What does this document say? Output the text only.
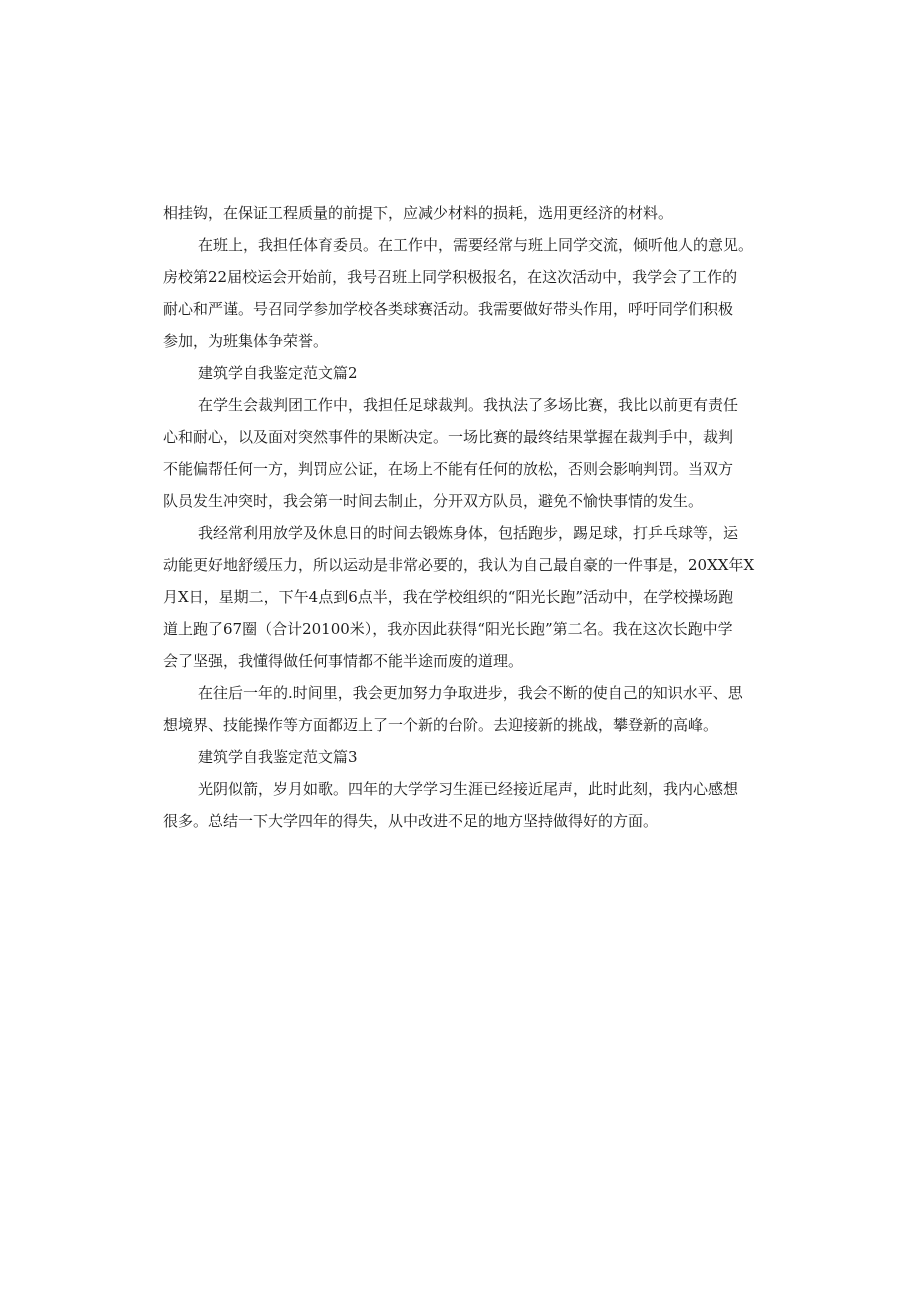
相挂钩，在保证工程质量的前提下，应减少材料的损耗，选用更经济的材料。
在班上，我担任体育委员。在工作中，需要经常与班上同学交流，倾听他人的意见。
房校第22届校运会开始前，我号召班上同学积极报名，在这次活动中，我学会了工作的
耐心和严谨。号召同学参加学校各类球赛活动。我需要做好带头作用，呼吁同学们积极
参加，为班集体争荣誉。
建筑学自我鉴定范文篇2
在学生会裁判团工作中，我担任足球裁判。我执法了多场比赛，我比以前更有责任
心和耐心，以及面对突然事件的果断决定。一场比赛的最终结果掌握在裁判手中，裁判
不能偏帮任何一方，判罚应公证，在场上不能有任何的放松，否则会影响判罚。当双方
队员发生冲突时，我会第一时间去制止，分开双方队员，避免不愉快事情的发生。
我经常利用放学及休息日的时间去锻炼身体，包括跑步，踢足球，打乒乓球等，运
动能更好地舒缓压力，所以运动是非常必要的，我认为自己最自豪的一件事是，20XX年X
月X日，星期二，下午4点到6点半，我在学校组织的“阳光长跑”活动中，在学校操场跑
道上跑了67圈（合计20100米），我亦因此获得“阳光长跑”第二名。我在这次长跑中学
会了坚强，我懂得做任何事情都不能半途而废的道理。
在往后一年的.时间里，我会更加努力争取进步，我会不断的使自己的知识水平、思
想境界、技能操作等方面都迈上了一个新的台阶。去迎接新的挑战，攀登新的高峰。
建筑学自我鉴定范文篇3
光阴似箭，岁月如歌。四年的大学学习生涯已经接近尾声，此时此刻，我内心感想
很多。总结一下大学四年的得失，从中改进不足的地方坚持做得好的方面。
